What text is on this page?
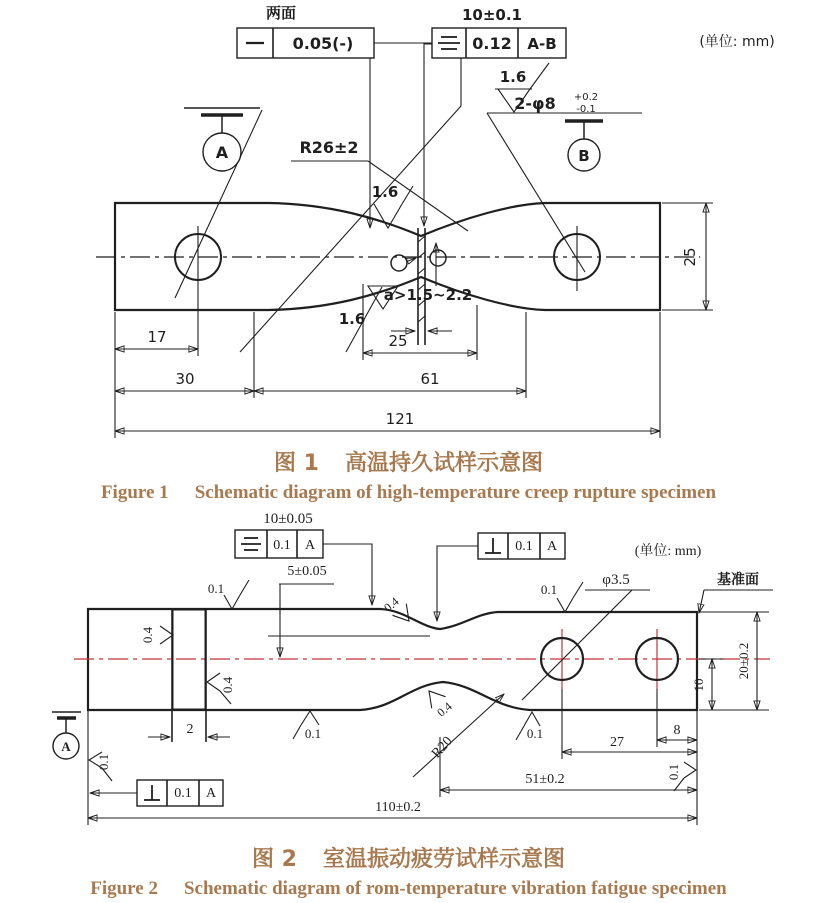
两面
0.05(-)
10±0.1
0.12 A-B	(单位: mm)
A	R26±2
1.6
2-φ8 +0.2
-0.1
B
1.6
1.6
a>1.5~2.2
25
17
30	61
121
25
图 1 高温持久试样示意图
Figure 1 Schematic diagram of high-temperature creep rupture specimen
10±0.05
0.1 A
5±0.05
0.1 A	(单位: mm)
0.1
0.4
0.4
0.1
0.4
0.4
0.1
0.1
0.1
0.1
φ3.5	基准面
R20
A
0.1 A
2
10
20±0.2
8
27
51±0.2
110±0.2
图 2 室温振动疲劳试样示意图
Figure 2 Schematic diagram of rom-temperature vibration fatigue specimen
